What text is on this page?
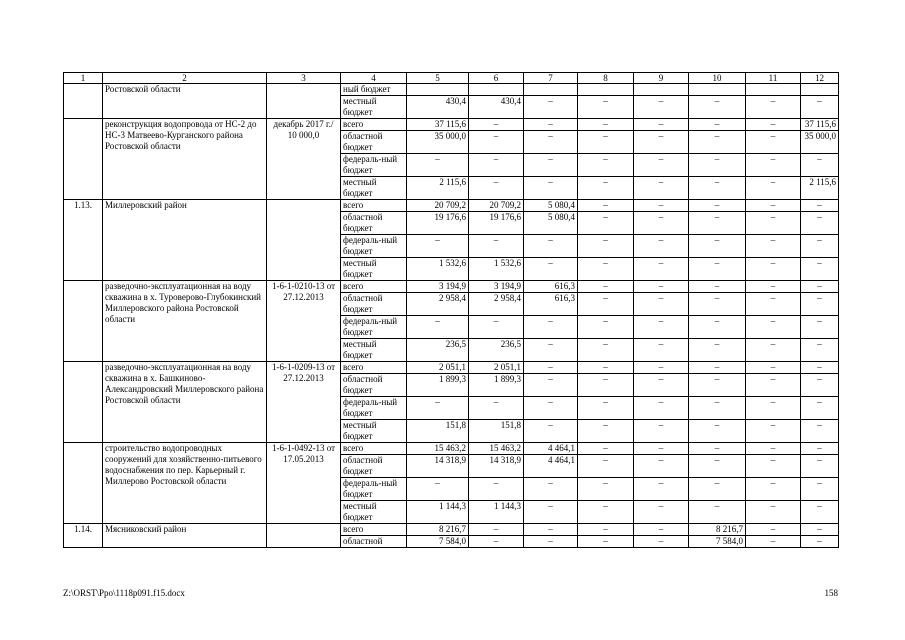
1	2	3	4	5	6	7	8	9	10	11	12
	Ростовской области		ный бюджет								
			местный бюджет	430,4	430,4	–	–	–	–	–	–
	реконструкция водопровода от НС-2 до НС-3 Матвеево-Курганского района Ростовской области	декабрь 2017 г./ 10 000,0	всего	37 115,6	–	–	–	–	–	–	37 115,6
			областной бюджет	35 000,0	–	–	–	–	–	–	35 000,0
			федераль-ный бюджет	–	–	–	–	–	–	–	–
			местный бюджет	2 115,6	–	–	–	–	–	–	2 115,6
1.13.	Миллеровский район		всего	20 709,2	20 709,2	5 080,4	–	–	–	–	–
			областной бюджет	19 176,6	19 176,6	5 080,4	–	–	–	–	–
			федераль-ный бюджет	–	–	–	–	–	–	–	–
			местный бюджет	1 532,6	1 532,6	–	–	–	–	–	–
	разведочно-эксплуатационная на воду скважина в х. Туроверово-Глубокинский Миллеровского района Ростовской области	1-6-1-0210-13 от 27.12.2013	всего	3 194,9	3 194,9	616,3	–	–	–	–	–
			областной бюджет	2 958,4	2 958,4	616,3	–	–	–	–	–
			федераль-ный бюджет	–	–	–	–	–	–	–	–
			местный бюджет	236,5	236,5	–	–	–	–	–	–
	разведочно-эксплуатационная на воду скважина в х. Башкиново-Александровский Миллеровского района Ростовской области	1-6-1-0209-13 от 27.12.2013	всего	2 051,1	2 051,1	–	–	–	–	–	–
			областной бюджет	1 899,3	1 899,3	–	–	–	–	–	–
			федераль-ный бюджет	–	–	–	–	–	–	–	–
			местный бюджет	151,8	151,8	–	–	–	–	–	–
	строительство водопроводных сооружений для хозяйственно-питьевого водоснабжения по пер. Карьерный г. Миллерово Ростовской области	1-6-1-0492-13 от 17.05.2013	всего	15 463,2	15 463,2	4 464,1	–	–	–	–	–
			областной бюджет	14 318,9	14 318,9	4 464,1	–	–	–	–	–
			федераль-ный бюджет	–	–	–	–	–	–	–	–
			местный бюджет	1 144,3	1 144,3	–	–	–	–	–	–
1.14.	Мясниковский район		всего	8 216,7	–	–	–	–	8 216,7	–	–
			областной	7 584,0	–	–	–	–	7 584,0	–	–
Z:\ORST\Ppo\1118p091.f15.docx	158
